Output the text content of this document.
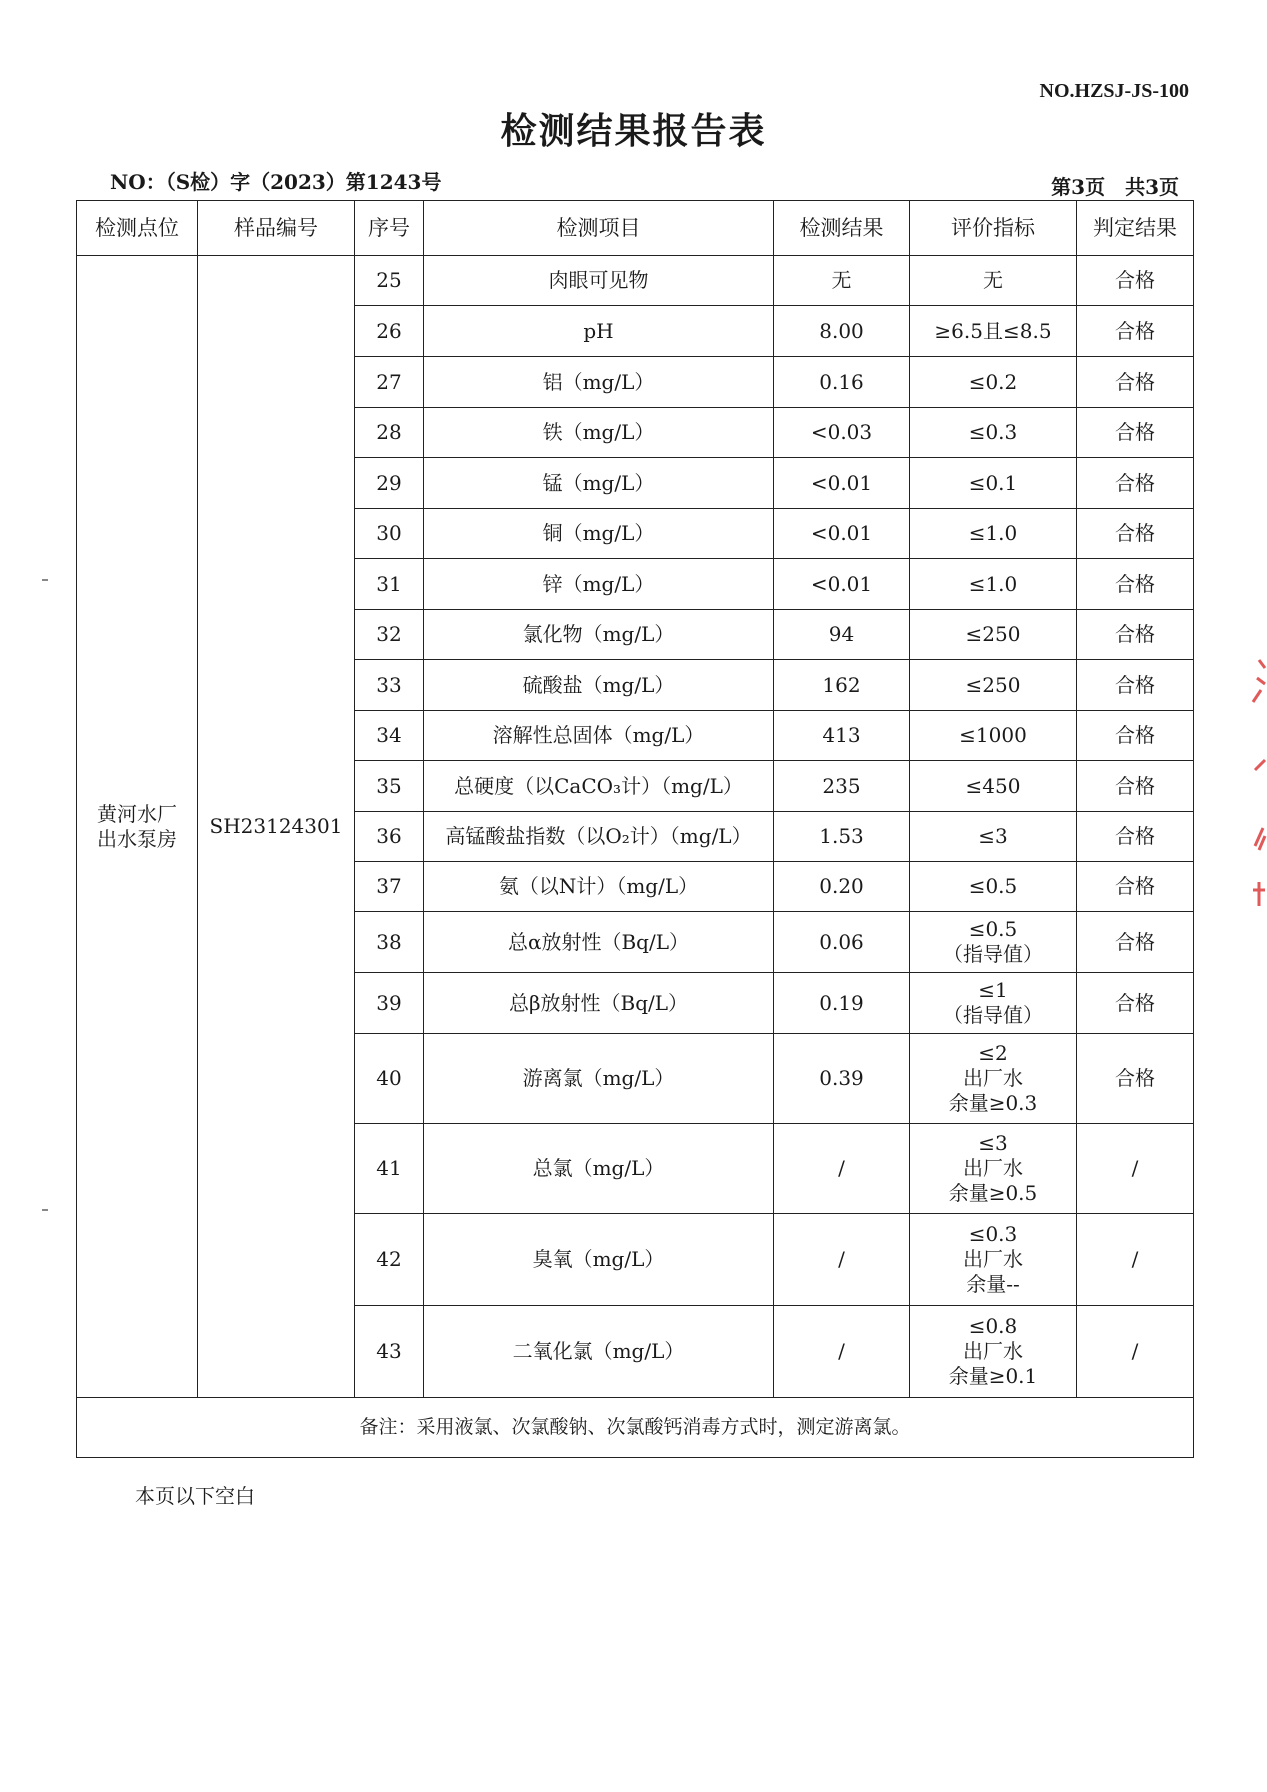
NO.HZSJ-JS-100
检测结果报告表
NO：（S检）字（2023）第1243号	第3页　共3页
检测点位	样品编号	序号	检测项目	检测结果	评价指标	判定结果

黄河水厂
出水泵房	SH23124301	25	肉眼可见物	无	无	合格
		26	pH	8.00	≥6.5且≤8.5	合格
		27	铝（mg/L）	0.16	≤0.2	合格
		28	铁（mg/L）	<0.03	≤0.3	合格
		29	锰（mg/L）	<0.01	≤0.1	合格
		30	铜（mg/L）	<0.01	≤1.0	合格
		31	锌（mg/L）	<0.01	≤1.0	合格
		32	氯化物（mg/L）	94	≤250	合格
		33	硫酸盐（mg/L）	162	≤250	合格
		34	溶解性总固体（mg/L）	413	≤1000	合格
		35	总硬度（以CaCO₃计）（mg/L）	235	≤450	合格
		36	高锰酸盐指数（以O₂计）（mg/L）	1.53	≤3	合格
		37	氨（以N计）（mg/L）	0.20	≤0.5	合格
		38	总α放射性（Bq/L）	0.06	≤0.5
（指导值）	合格
		39	总β放射性（Bq/L）	0.19	≤1
（指导值）	合格
		40	游离氯（mg/L）	0.39	≤2
出厂水
余量≥0.3	合格
		41	总氯（mg/L）	/	≤3
出厂水
余量≥0.5	/
		42	臭氧（mg/L）	/	≤0.3
出厂水
余量--	/
		43	二氧化氯（mg/L）	/	≤0.8
出厂水
余量≥0.1	/
备注：采用液氯、次氯酸钠、次氯酸钙消毒方式时，测定游离氯。						
本页以下空白
